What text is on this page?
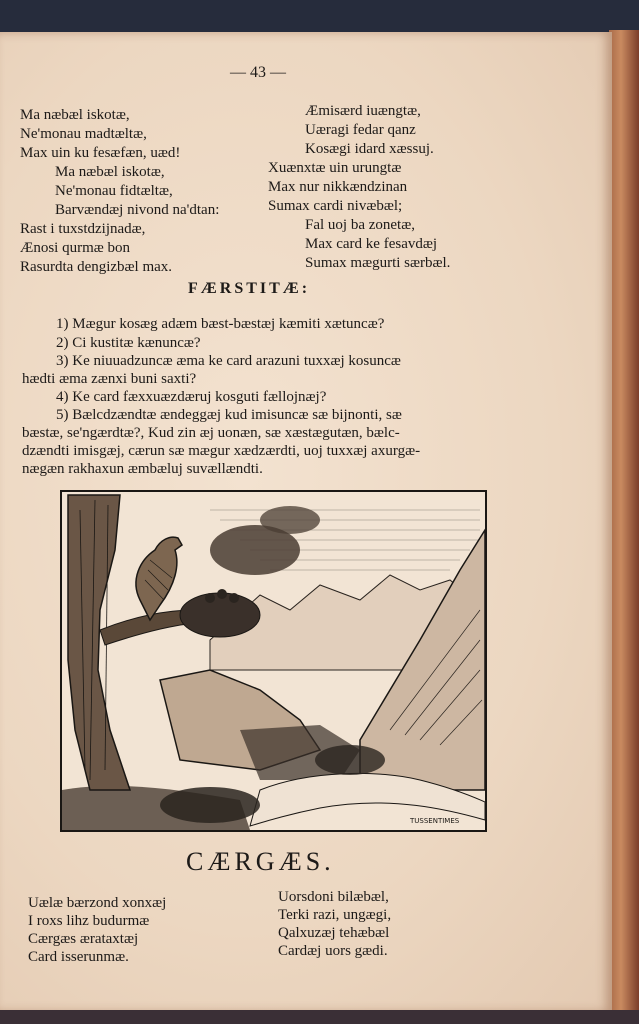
— 43 —
Ma næbæl iskotæ,
Ne'monau madtæltæ,
Max uin ku fesæfæn, uæd!
Ma næbæl iskotæ,
Ne'monau fidtæltæ,
Barvændæj nivond na'dtan:
Rast i tuxstdzijnadæ,
Ænosi qurmæ bon
Rasurdta dengizbæl max.
Æmisærd iuængtæ,
Uæragi fedar qanz
Kosægi idard xæssuj.
Xuænxtæ uin urungtæ
Max nur nikkændzinan
Sumax cardi nivæbæl;
Fal uoj ba zonetæ,
Max card ke fesavdæj
Sumax mægurti særbæl.
FÆRSTITÆ:
1) Mægur kosæg adæm bæst-bæstæj kæmiti xætuncæ?
2) Ci kustitæ kænuncæ?
3) Ke niuuadzuncæ æma ke card arazuni tuxxæj kosuncæ
hædti æma zænxi buni saxti?
4) Ke card fæxxuæzdæruj kosguti fællojnæj?
5) Bælcdzændtæ ændeggæj kud imisuncæ sæ bijnonti, sæ
bæstæ, se'ngærdtæ?, Kud zin æj uonæn, sæ xæstægutæn, bælc-
dzændti imisgæj, cærun sæ mægur xædzærdti, uoj tuxxæj axurgæ-
nægæn rakhaxun æmbæluj suvællændti.
TUSSENTIMES
CÆRGÆS.
Uælæ bærzond xonxæj
I roxs lihz budurmæ
Cærgæs ærataxtæj
Card isserunmæ.
Uorsdoni bilæbæl,
Terki razi, ungægi,
Qalxuzæj tehæbæl
Cardæj uors gædi.
